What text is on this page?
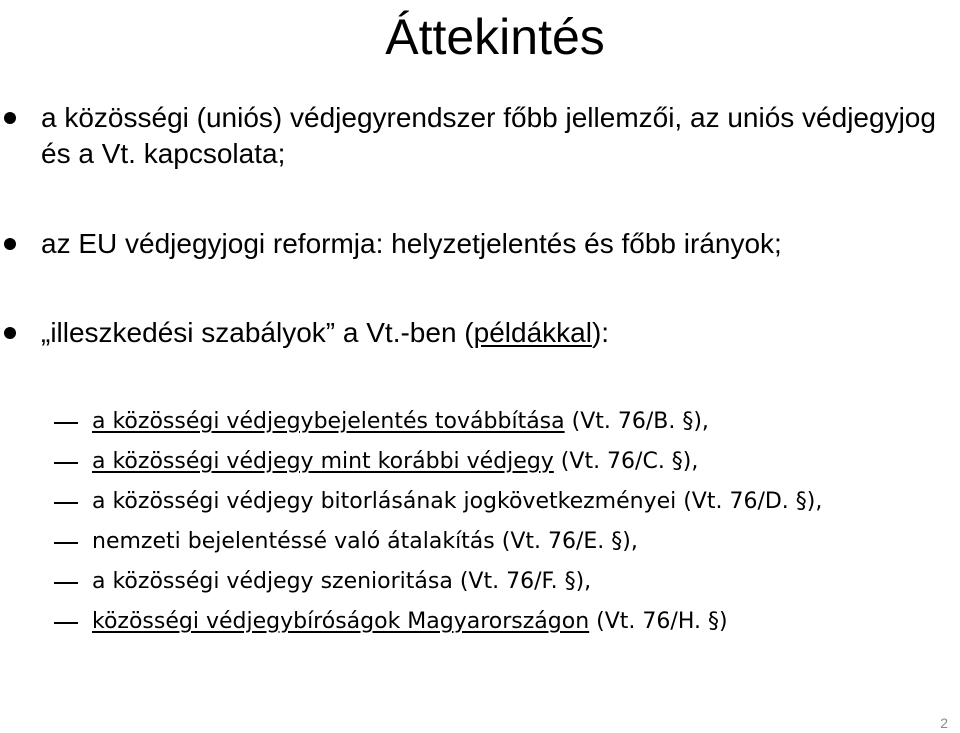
Áttekintés
a közösségi (uniós) védjegyrendszer főbb jellemzői, az uniós védjegyjog és a Vt. kapcsolata;
az EU védjegyjogi reformja: helyzetjelentés és főbb irányok;
„illeszkedési szabályok” a Vt.-ben (példákkal):
a közösségi védjegybejelentés továbbítása (Vt. 76/B. §),
a közösségi védjegy mint korábbi védjegy (Vt. 76/C. §),
a közösségi védjegy bitorlásának jogkövetkezményei (Vt. 76/D. §),
nemzeti bejelentéssé való átalakítás (Vt. 76/E. §),
a közösségi védjegy szenioritása (Vt. 76/F. §),
közösségi védjegybíróságok Magyarországon (Vt. 76/H. §)
2
